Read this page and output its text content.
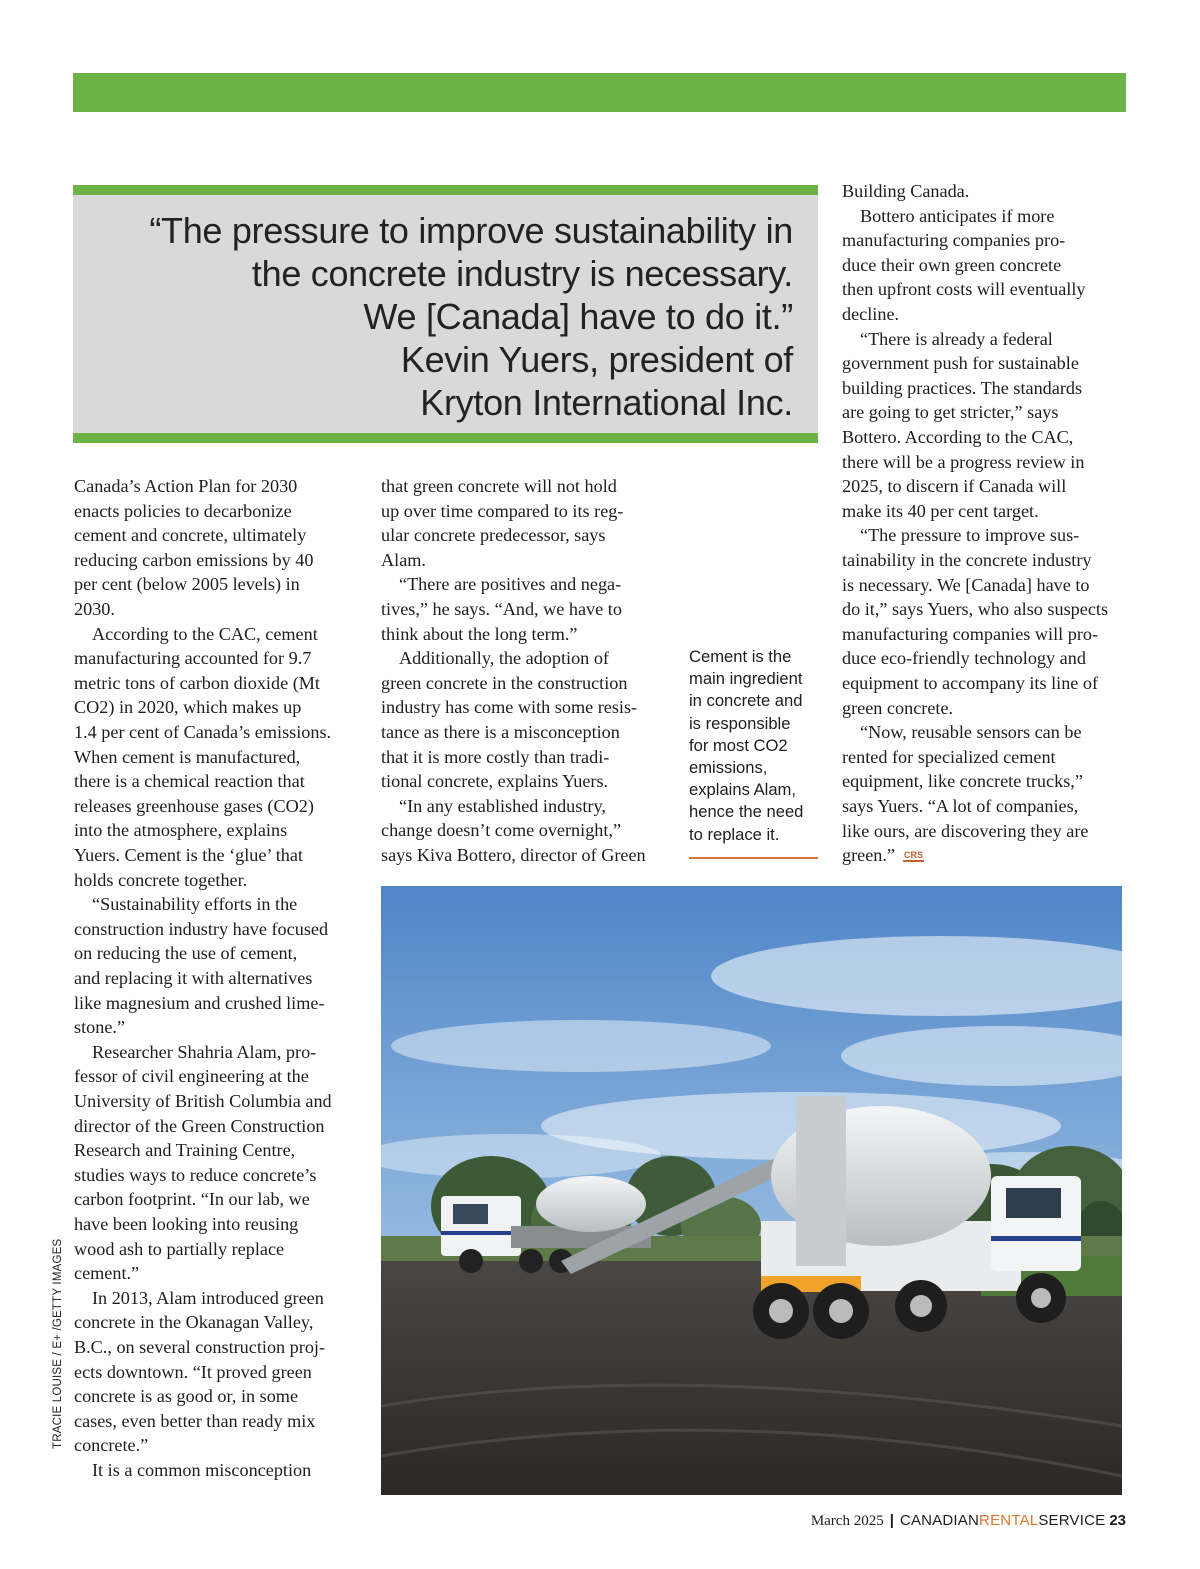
“The pressure to improve sustainability in

the concrete industry is necessary.

We [Canada] have to do it.”

Kevin Yuers, president of

Kryton International Inc.

Canada’s Action Plan for 2030

enacts policies to decarbonize

cement and concrete, ultimately

reducing carbon emissions by 40

per cent (below 2005 levels) in

2030.

According to the CAC, cement

manufacturing accounted for 9.7

metric tons of carbon dioxide (Mt

CO2) in 2020, which makes up

1.4 per cent of Canada’s emissions.

When cement is manufactured,

there is a chemical reaction that

releases greenhouse gases (CO2)

into the atmosphere, explains

Yuers. Cement is the ‘glue’ that

holds concrete together.

“Sustainability efforts in the

construction industry have focused

on reducing the use of cement,

and replacing it with alternatives

like magnesium and crushed lime-

stone.”

Researcher Shahria Alam, pro-

fessor of civil engineering at the

University of British Columbia and

director of the Green Construction

Research and Training Centre,

studies ways to reduce concrete’s

carbon footprint. “In our lab, we

have been looking into reusing

wood ash to partially replace

cement.”

In 2013, Alam introduced green

concrete in the Okanagan Valley,

B.C., on several construction proj-

ects downtown. “It proved green

concrete is as good or, in some

cases, even better than ready mix

concrete.”

It is a common misconception

that green concrete will not hold

up over time compared to its reg-

ular concrete predecessor, says

Alam.

“There are positives and nega-

tives,” he says. “And, we have to

think about the long term.”

Additionally, the adoption of

green concrete in the construction

industry has come with some resis-

tance as there is a misconception

that it is more costly than tradi-

tional concrete, explains Yuers.

“In any established industry,

change doesn’t come overnight,”

says Kiva Bottero, director of Green

Building Canada.

Bottero anticipates if more

manufacturing companies pro-

duce their own green concrete

then upfront costs will eventually

decline.

“There is already a federal

government push for sustainable

building practices. The standards

are going to get stricter,” says

Bottero. According to the CAC,

there will be a progress review in

2025, to discern if Canada will

make its 40 per cent target.

“The pressure to improve sus-

tainability in the concrete industry

is necessary. We [Canada] have to

do it,” says Yuers, who also suspects

manufacturing companies will pro-

duce eco-friendly technology and

equipment to accompany its line of

green concrete.

“Now, reusable sensors can be

rented for specialized cement

equipment, like concrete trucks,”

says Yuers. “A lot of companies,

like ours, are discovering they are

green.” CRS

Cement is the
main ingredient
in concrete and
is responsible
for most CO2
emissions,
explains Alam,
hence the need
to replace it.
TRACIE LOUISE / E+ /GETTY IMAGES
March 2025 | CANADIANRENTALSERVICE 23
